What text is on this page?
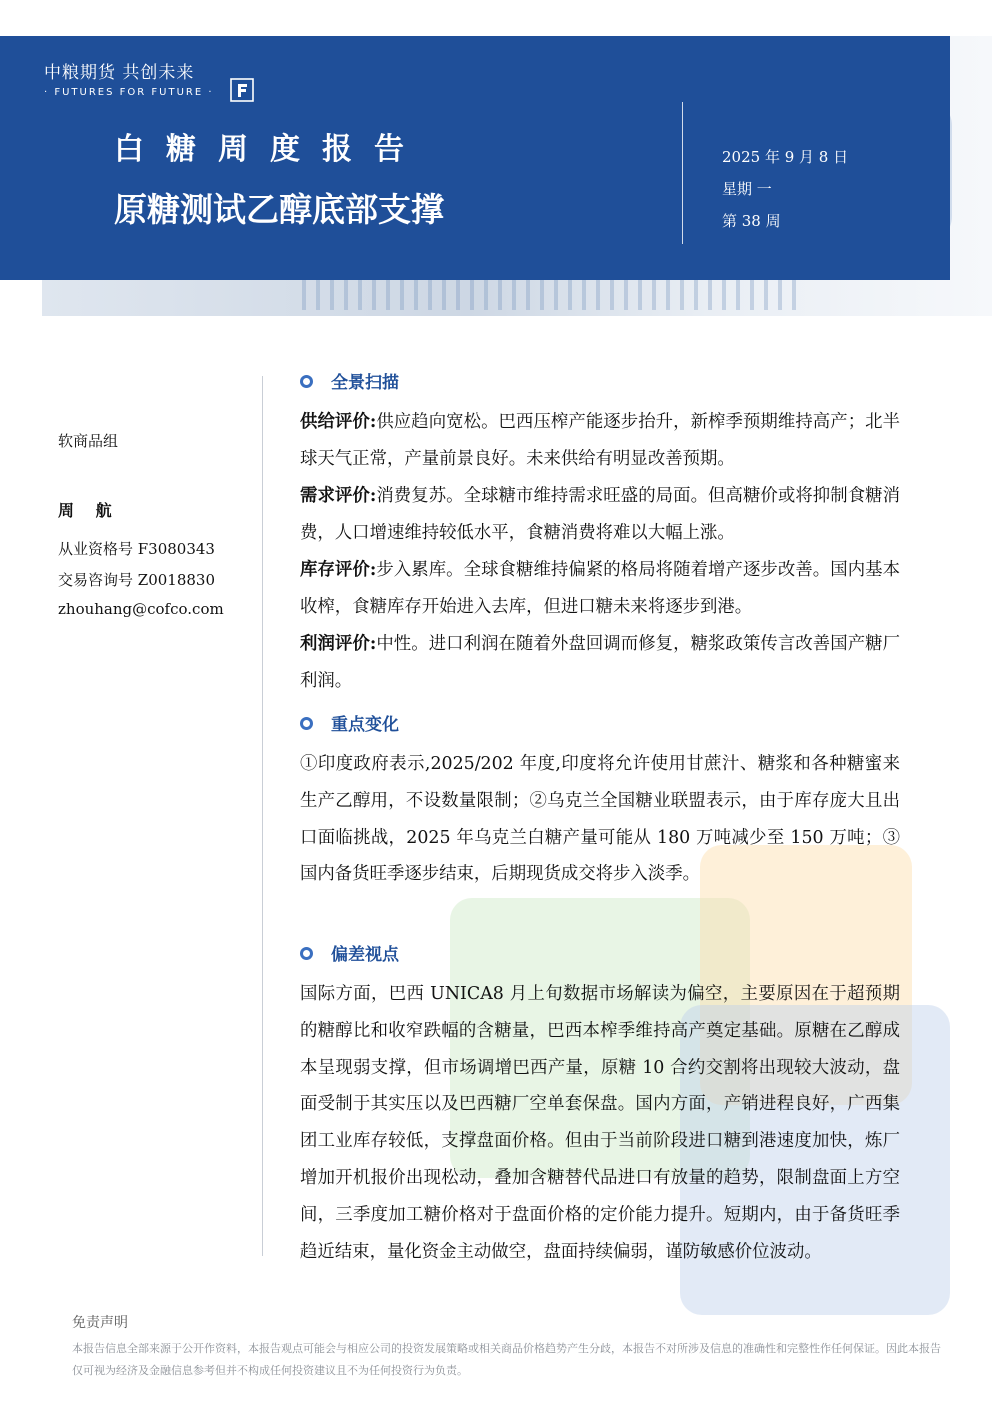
中粮期货 共创未来
· FUTURES FOR FUTURE ·
白糖周度报告
原糖测试乙醇底部支撑
2025 年 9 月 8 日
星期 一
第 38 周
软商品组
周 航
从业资格号 F3080343
交易咨询号 Z0018830
zhouhang@cofco.com
全景扫描
供给评价:供应趋向宽松。巴西压榨产能逐步抬升，新榨季预期维持高产；北半球天气正常，产量前景良好。未来供给有明显改善预期。
需求评价:消费复苏。全球糖市维持需求旺盛的局面。但高糖价或将抑制食糖消费，人口增速维持较低水平，食糖消费将难以大幅上涨。
库存评价:步入累库。全球食糖维持偏紧的格局将随着增产逐步改善。国内基本收榨，食糖库存开始进入去库，但进口糖未来将逐步到港。
利润评价:中性。进口利润在随着外盘回调而修复，糖浆政策传言改善国产糖厂利润。
重点变化
①印度政府表示,2025/202 年度,印度将允许使用甘蔗汁、糖浆和各种糖蜜来生产乙醇用，不设数量限制；②乌克兰全国糖业联盟表示，由于库存庞大且出口面临挑战，2025 年乌克兰白糖产量可能从 180 万吨减少至 150 万吨；③国内备货旺季逐步结束，后期现货成交将步入淡季。
偏差视点
国际方面，巴西 UNICA8 月上旬数据市场解读为偏空，主要原因在于超预期的糖醇比和收窄跌幅的含糖量，巴西本榨季维持高产奠定基础。原糖在乙醇成本呈现弱支撑，但市场调增巴西产量，原糖 10 合约交割将出现较大波动，盘面受制于其实压以及巴西糖厂空单套保盘。国内方面，产销进程良好，广西集团工业库存较低，支撑盘面价格。但由于当前阶段进口糖到港速度加快，炼厂增加开机报价出现松动，叠加含糖替代品进口有放量的趋势，限制盘面上方空间，三季度加工糖价格对于盘面价格的定价能力提升。短期内，由于备货旺季趋近结束，量化资金主动做空，盘面持续偏弱，谨防敏感价位波动。
免责声明
本报告信息全部来源于公开作资料，本报告观点可能会与相应公司的投资发展策略或相关商品价格趋势产生分歧，本报告不对所涉及信息的准确性和完整性作任何保证。因此本报告仅可视为经济及金融信息参考但并不构成任何投资建议且不为任何投资行为负责。
